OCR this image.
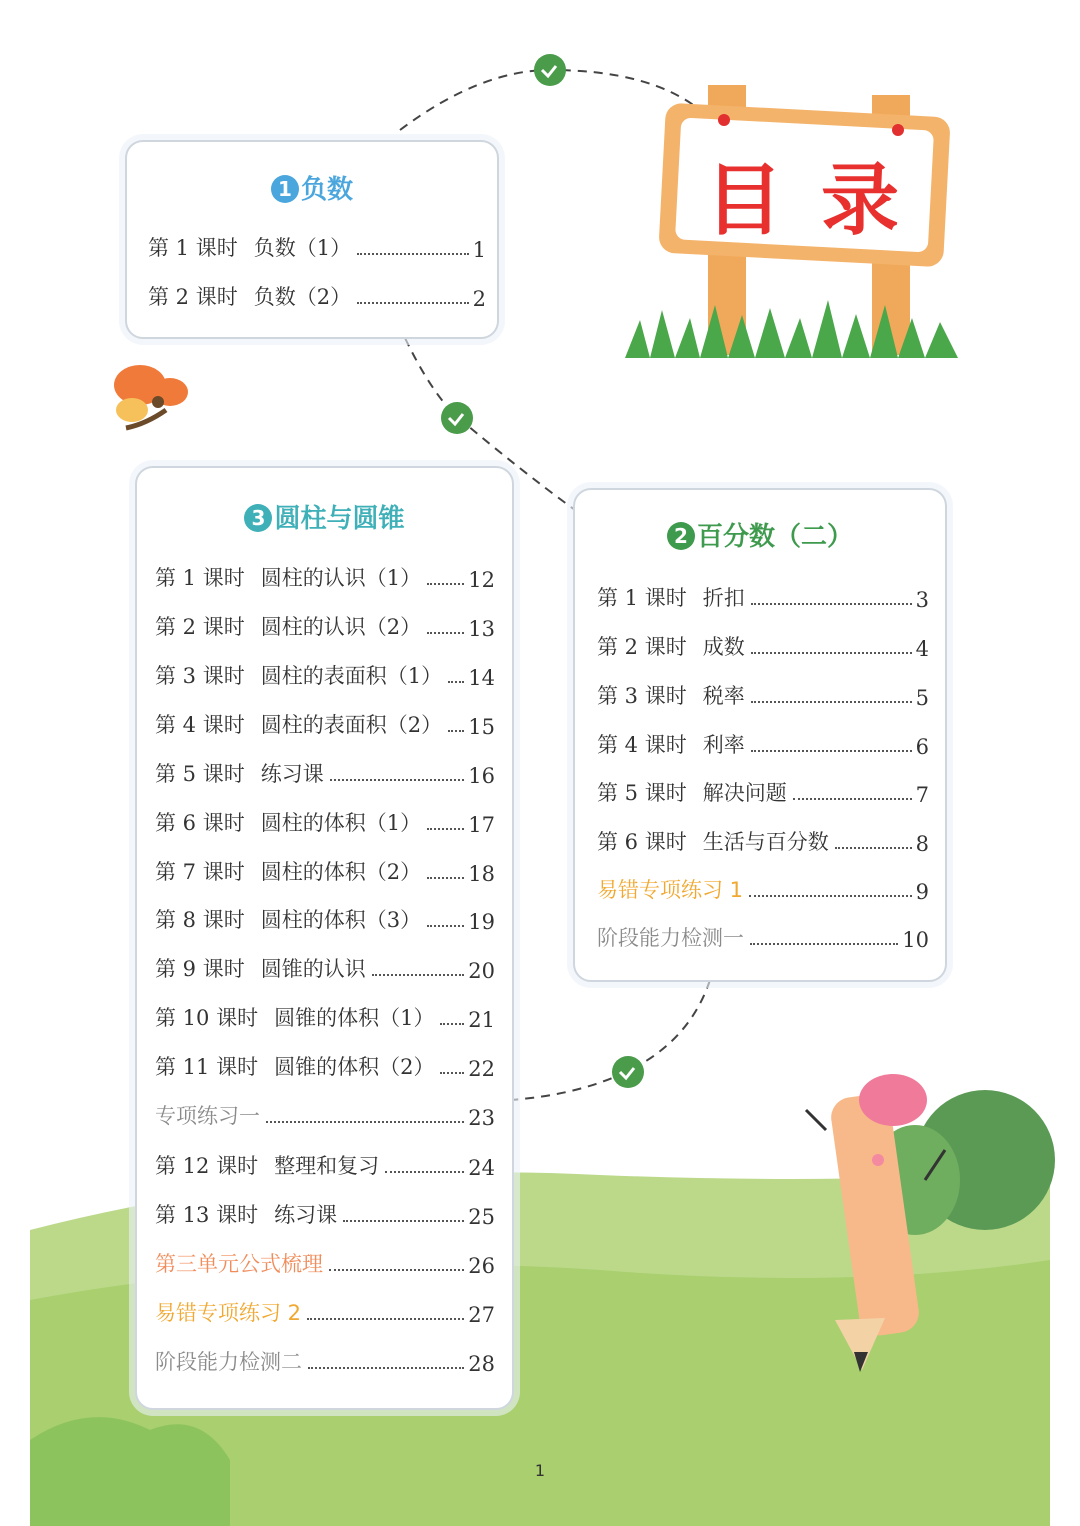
目录
1 负数
2 百分数（二）
3 圆柱与圆锥
第 1 课时 负数（1）	1
第 2 课时 负数（2）	2
第 1 课时 折扣	3
第 2 课时 成数	4
第 3 课时 税率	5
第 4 课时 利率	6
第 5 课时 解决问题	7
第 6 课时 生活与百分数	8
易错专项练习 1	9
阶段能力检测一	10
第 1 课时 圆柱的认识（1） 12
第 2 课时 圆柱的认识（2） 13
第 3 课时 圆柱的表面积（1） 14
第 4 课时 圆柱的表面积（2） 15
第 5 课时 练习课	16
第 6 课时 圆柱的体积（1） 17
第 7 课时 圆柱的体积（2） 18
第 8 课时 圆柱的体积（3） 19
第 9 课时 圆锥的认识	20
第 10 课时 圆锥的体积（1） 21
第 11 课时 圆锥的体积（2） 22
专项练习一	23
第 12 课时 整理和复习	24
第 13 课时 练习课	25
第三单元公式梳理	26
易错专项练习 2	27
阶段能力检测二	28
1
